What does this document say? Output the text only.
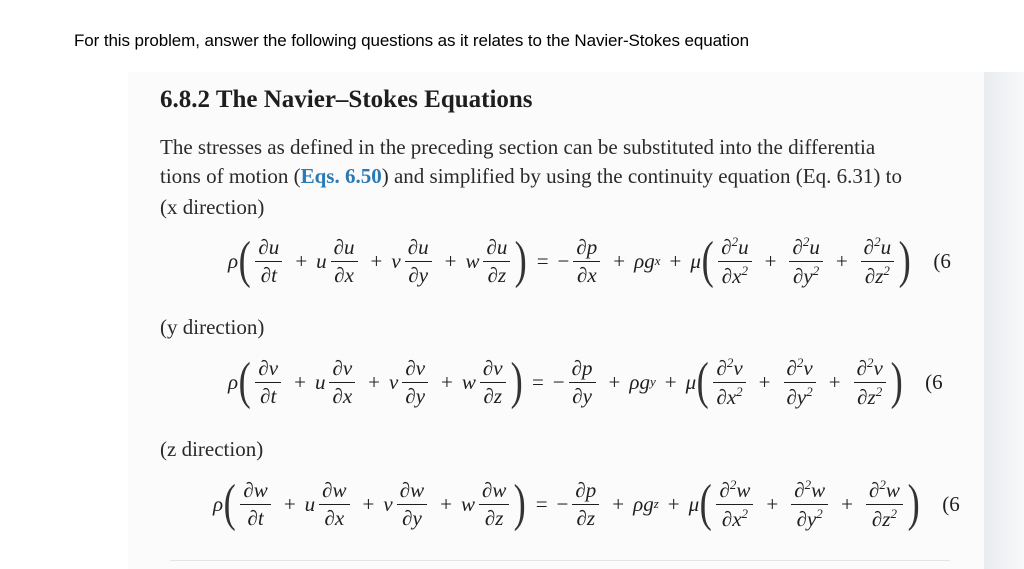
For this problem, answer the following questions as it relates to the Navier-Stokes equation
6.8.2 The Navier–Stokes Equations
The stresses as defined in the preceding section can be substituted into the differentia
tions of motion (Eqs. 6.50) and simplified by using the continuity equation (Eq. 6.31) to
(x direction)
(y direction)
(z direction)
ρ ( $\frac{\partial u}{\partial t} + u \frac{\partial u}{\partial x} + v \frac{\partial u}{\partial y} + w \frac{\partial u}{\partial z}$ ) = − $\frac{\partial p}{\partial x} + \rho g$ x + μ ( $\frac{\partial^2u}{\partial x^2} + \frac{\partial^2u}{\partial y^2} + \frac{\partial^2u}{\partial z^2}$ ) (6
ρ ( $\frac{\partial v}{\partial t} + u \frac{\partial v}{\partial x} + v \frac{\partial v}{\partial y} + w \frac{\partial v}{\partial z}$ ) = − $\frac{\partial p}{\partial y} + \rho g$ y + μ ( $\frac{\partial^2v}{\partial x^2} + \frac{\partial^2v}{\partial y^2} + \frac{\partial^2v}{\partial z^2}$ ) (6
ρ ( $\frac{\partial w}{\partial t} + u \frac{\partial w}{\partial x} + v \frac{\partial w}{\partial y} + w \frac{\partial w}{\partial z}$ ) = − $\frac{\partial p}{\partial z} + \rho g$ z + μ ( $\frac{\partial^2w}{\partial x^2} + \frac{\partial^2w}{\partial y^2} + \frac{\partial^2w}{\partial z^2}$ ) (6
